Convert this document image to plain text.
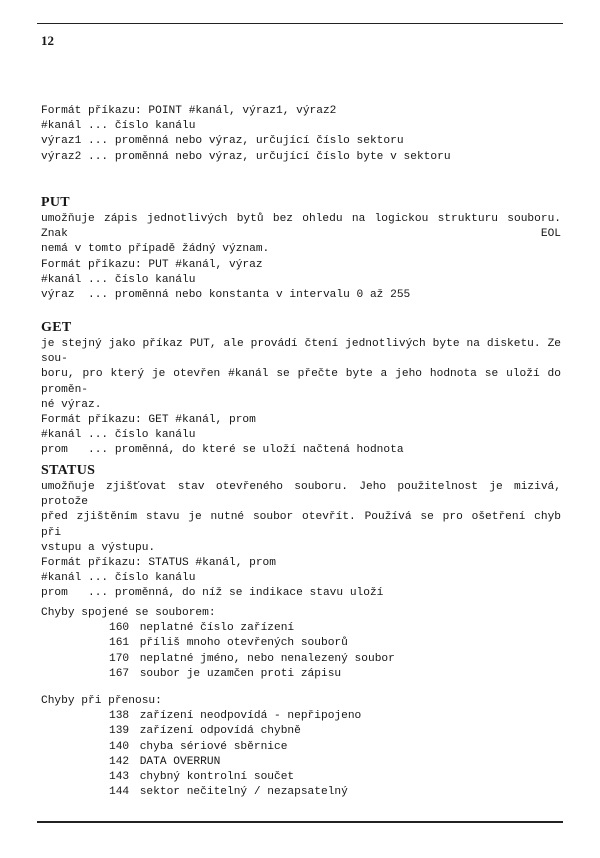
12
Formát příkazu: POINT #kanál, výraz1, výraz2
#kanál ... číslo kanálu
výraz1 ... proměnná nebo výraz, určující číslo sektoru
výraz2 ... proměnná nebo výraz, určující číslo byte v sektoru
PUT
umožňuje zápis jednotlivých bytů bez ohledu na logickou strukturu souboru. Znak EOL
nemá v tomto případě žádný význam.
Formát příkazu: PUT #kanál, výraz
#kanál ... číslo kanálu
výraz  ... proměnná nebo konstanta v intervalu 0 až 255
GET
je stejný jako příkaz PUT, ale provádí čtení jednotlivých byte na disketu. Ze sou-
boru, pro který je otevřen #kanál se přečte byte a jeho hodnota se uloží do proměn-
né výraz.
Formát příkazu: GET #kanál, prom
#kanál ... číslo kanálu
prom   ... proměnná, do které se uloží načtená hodnota
STATUS
umožňuje zjišťovat stav otevřeného souboru. Jeho použitelnost je mizivá, protože
před zjištěním stavu je nutné soubor otevřít. Používá se pro ošetření chyb při
vstupu a výstupu.
Formát příkazu: STATUS #kanál, prom
#kanál ... číslo kanálu
prom   ... proměnná, do níž se indikace stavu uloží
Chyby spojené se souborem:
160 neplatné číslo zařízení
161 příliš mnoho otevřených souborů
170 neplatné jméno, nebo nenalezený soubor
167 soubor je uzamčen proti zápisu
Chyby při přenosu:
138 zařízení neodpovídá - nepřipojeno
139 zařízení odpovídá chybně
140 chyba sériové sběrnice
142 DATA OVERRUN
143 chybný kontrolní součet
144 sektor nečitelný / nezapsatelný
